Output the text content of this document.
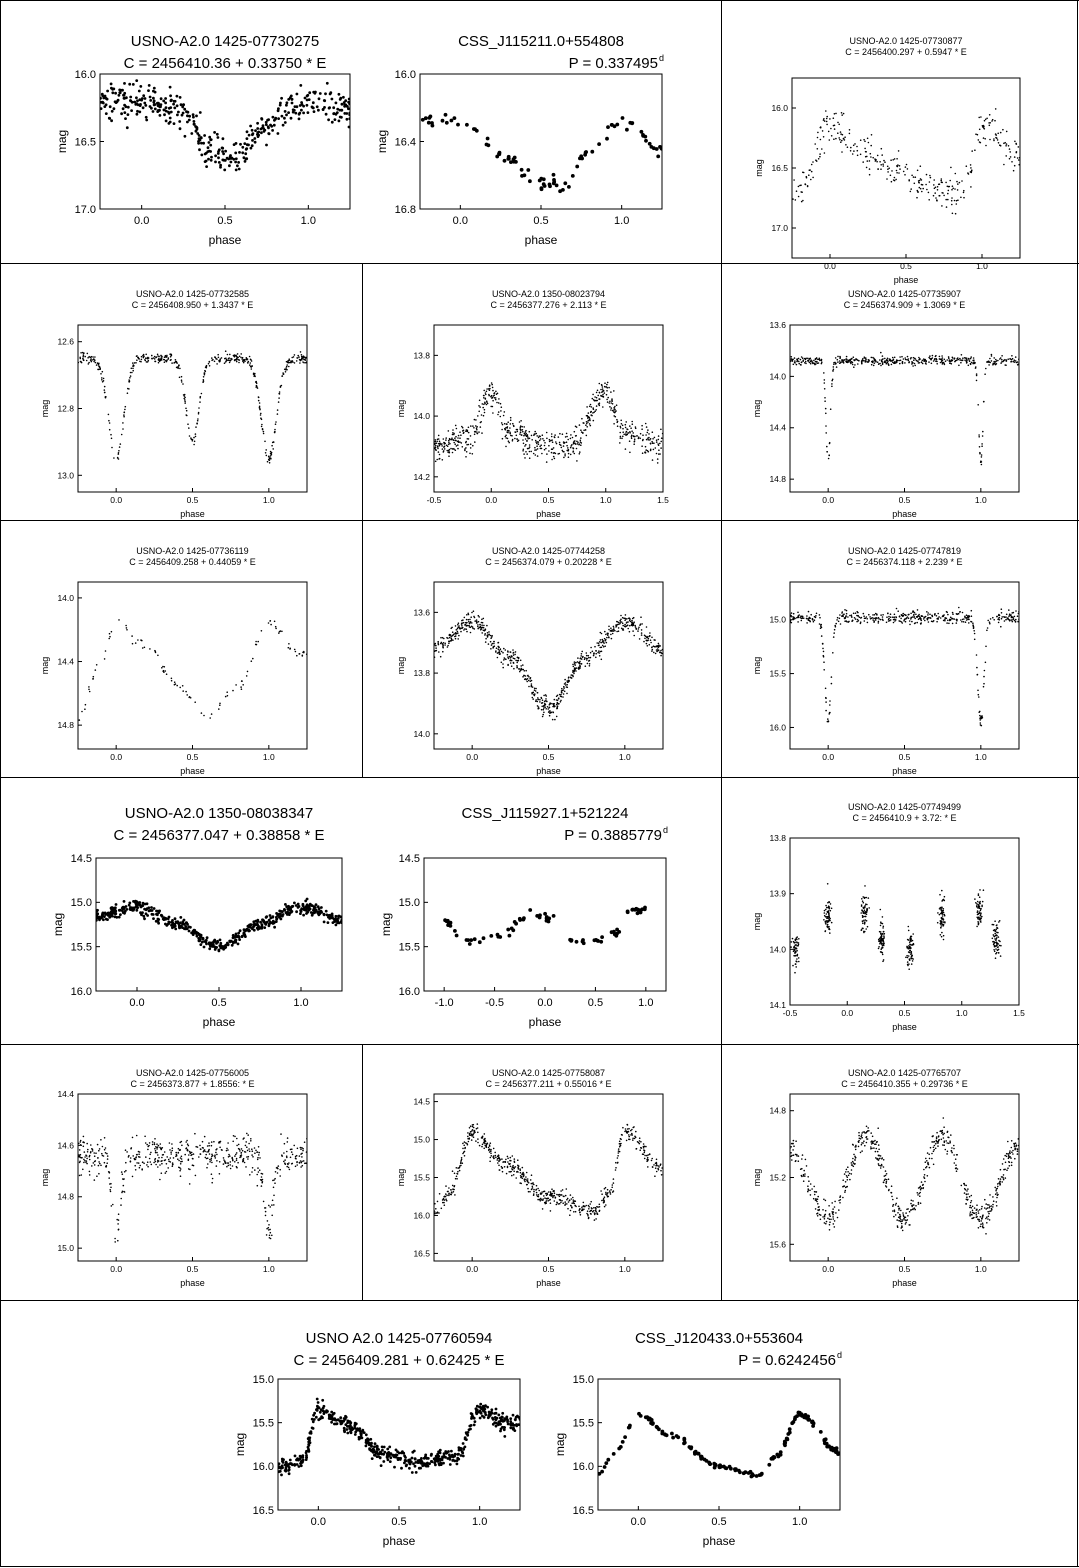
USNO-A2.0 1425-07730275
C = 2456410.36 + 0.33750 * E
0.0	0.5	1.0
16.0
16.5
17.0
phase
mag
CSS_J115211.0+554808
P = 0.337495 d
0.0	0.5	1.0
16.0
16.4
16.8
phase
mag
USNO-A2.0 1425-07730877
C = 2456400.297 + 0.5947 * E
0.0	0.5	1.0
16.0
16.5
17.0
phase
mag
USNO-A2.0 1425-07732585
C = 2456408.950 + 1.3437 * E
0.0	0.5	1.0
12.6
12.8
13.0
phase
mag
USNO-A2.0 1350-08023794
C = 2456377.276 + 2.113 * E
-0.5	0.0	0.5	1.0	1.5
13.8
14.0
14.2
phase
mag
USNO-A2.0 1425-07735907
C = 2456374.909 + 1.3069 * E
0.0	0.5	1.0
13.6
14.0
14.4
14.8
phase
mag
USNO-A2.0 1425-07736119
C = 2456409.258 + 0.44059 * E
0.0	0.5	1.0
14.0
14.4
14.8
phase
mag
USNO-A2.0 1425-07744258
C = 2456374.079 + 0.20228 * E
0.0	0.5	1.0
13.6
13.8
14.0
phase
mag
USNO-A2.0 1425-07747819
C = 2456374.118 + 2.239 * E
0.0	0.5	1.0
15.0
15.5
16.0
phase
mag
USNO-A2.0 1350-08038347
C = 2456377.047 + 0.38858 * E
0.0	0.5	1.0
14.5
15.0
15.5
16.0
phase
mag
CSS_J115927.1+521224
P = 0.3885779 d
-1.0	-0.5	0.0	0.5	1.0
14.5
15.0
15.5
16.0
phase
mag
USNO-A2.0 1425-07749499
C = 2456410.9 + 3.72: * E
-0.5	0.0	0.5	1.0	1.5
13.8
13.9
14.0
14.1
phase
mag
USNO-A2.0 1425-07756005
C = 2456373.877 + 1.8556: * E
0.0	0.5	1.0
14.4
14.6
14.8
15.0
phase
mag
USNO-A2.0 1425-07758087
C = 2456377.211 + 0.55016 * E
0.0	0.5	1.0
14.5
15.0
15.5
16.0
16.5
phase
mag
USNO-A2.0 1425-07765707
C = 2456410.355 + 0.29736 * E
0.0	0.5	1.0
14.8
15.2
15.6
phase
mag
USNO A2.0 1425-07760594
C = 2456409.281 + 0.62425 * E
0.0	0.5	1.0
15.0
15.5
16.0
16.5
phase
mag
CSS_J120433.0+553604
P = 0.6242456 d
0.0	0.5	1.0
15.0
15.5
16.0
16.5
phase
mag
